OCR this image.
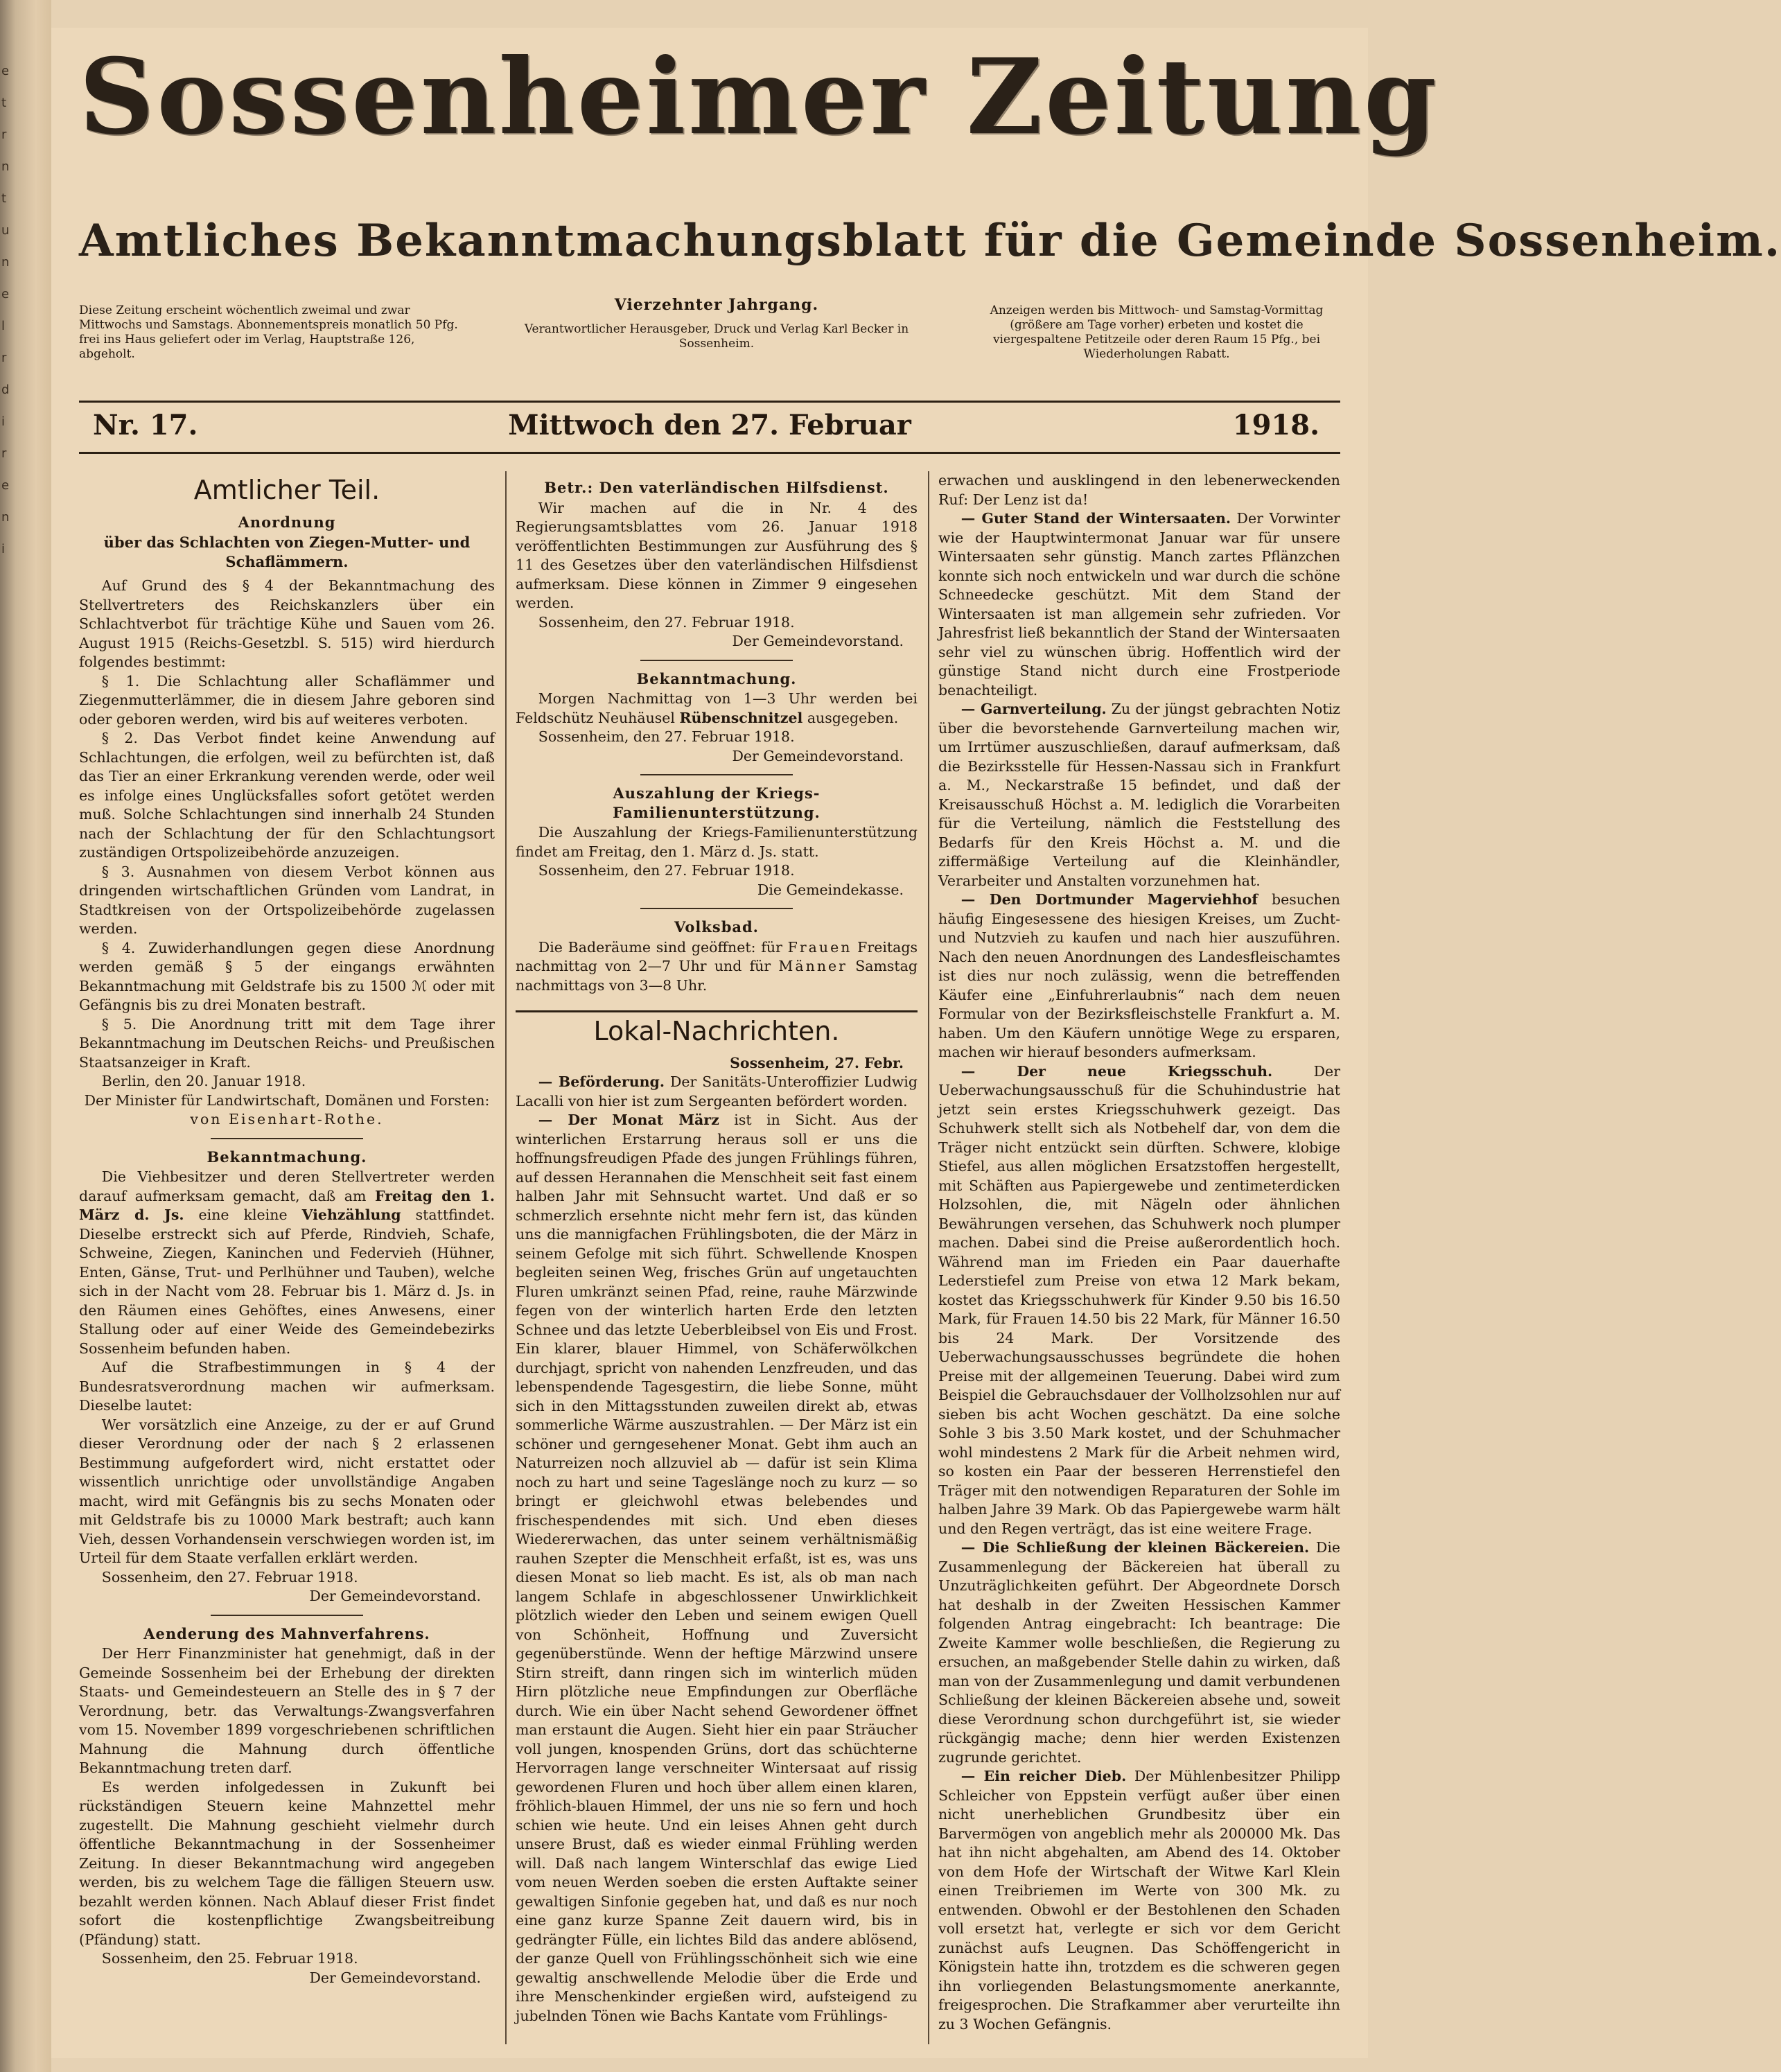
e
t
r
n
t
u
n
e
l
r
d
i
r
e
n
i
Sossenheimer Zeitung
Amtliches Bekanntmachungsblatt für die Gemeinde Sossenheim.
Diese Zeitung erscheint wöchentlich zweimal und zwar Mittwochs und Samstags. Abonnementspreis monatlich 50 Pfg. frei ins Haus geliefert oder im Verlag, Hauptstraße 126, abgeholt.
Vierzehnter Jahrgang.
Verantwortlicher Herausgeber, Druck und Verlag Karl Becker in Sossenheim.
Anzeigen werden bis Mittwoch- und Samstag-Vormittag (größere am Tage vorher) erbeten und kostet die viergespaltene Petitzeile oder deren Raum 15 Pfg., bei Wiederholungen Rabatt.
Nr. 17.	Mittwoch den 27. Februar	1918.
Amtlicher Teil.
Anordnung
über das Schlachten von Ziegen-Mutter- und Schaflämmern.

Auf Grund des § 4 der Bekanntmachung des Stellvertreters des Reichskanzlers über ein Schlachtverbot für trächtige Kühe und Sauen vom 26. August 1915 (Reichs-Gesetzbl. S. 515) wird hierdurch folgendes bestimmt:

§ 1. Die Schlachtung aller Schaflämmer und Ziegenmutterlämmer, die in diesem Jahre geboren sind oder geboren werden, wird bis auf weiteres verboten.

§ 2. Das Verbot findet keine Anwendung auf Schlachtungen, die erfolgen, weil zu befürchten ist, daß das Tier an einer Erkrankung verenden werde, oder weil es infolge eines Unglücksfalles sofort getötet werden muß. Solche Schlachtungen sind innerhalb 24 Stunden nach der Schlachtung der für den Schlachtungsort zuständigen Ortspolizeibehörde anzuzeigen.

§ 3. Ausnahmen von diesem Verbot können aus dringenden wirtschaftlichen Gründen vom Landrat, in Stadtkreisen von der Ortspolizeibehörde zugelassen werden.

§ 4. Zuwiderhandlungen gegen diese Anordnung werden gemäß § 5 der eingangs erwähnten Bekanntmachung mit Geldstrafe bis zu 1500 ℳ oder mit Gefängnis bis zu drei Monaten bestraft.

§ 5. Die Anordnung tritt mit dem Tage ihrer Bekanntmachung im Deutschen Reichs- und Preußischen Staatsanzeiger in Kraft.

Berlin, den 20. Januar 1918.

Der Minister für Landwirtschaft, Domänen und Forsten:

von Eisenhart-Rothe.

Bekanntmachung.

Die Viehbesitzer und deren Stellvertreter werden darauf aufmerksam gemacht, daß am Freitag den 1. März d. Js. eine kleine Viehzählung stattfindet. Dieselbe erstreckt sich auf Pferde, Rindvieh, Schafe, Schweine, Ziegen, Kaninchen und Federvieh (Hühner, Enten, Gänse, Trut- und Perlhühner und Tauben), welche sich in der Nacht vom 28. Februar bis 1. März d. Js. in den Räumen eines Gehöftes, eines Anwesens, einer Stallung oder auf einer Weide des Gemeindebezirks Sossenheim befunden haben.

Auf die Strafbestimmungen in § 4 der Bundesratsverordnung machen wir aufmerksam. Dieselbe lautet:

Wer vorsätzlich eine Anzeige, zu der er auf Grund dieser Verordnung oder der nach § 2 erlassenen Bestimmung aufgefordert wird, nicht erstattet oder wissentlich unrichtige oder unvollständige Angaben macht, wird mit Gefängnis bis zu sechs Monaten oder mit Geldstrafe bis zu 10000 Mark bestraft; auch kann Vieh, dessen Vorhandensein verschwiegen worden ist, im Urteil für dem Staate verfallen erklärt werden.

Sossenheim, den 27. Februar 1918.

Der Gemeindevorstand.

Aenderung des Mahnverfahrens.

Der Herr Finanzminister hat genehmigt, daß in der Gemeinde Sossenheim bei der Erhebung der direkten Staats- und Gemeindesteuern an Stelle des in § 7 der Verordnung, betr. das Verwaltungs-Zwangsverfahren vom 15. November 1899 vorgeschriebenen schriftlichen Mahnung die Mahnung durch öffentliche Bekanntmachung treten darf.

Es werden infolgedessen in Zukunft bei rückständigen Steuern keine Mahnzettel mehr zugestellt. Die Mahnung geschieht vielmehr durch öffentliche Bekanntmachung in der Sossenheimer Zeitung. In dieser Bekanntmachung wird angegeben werden, bis zu welchem Tage die fälligen Steuern usw. bezahlt werden können. Nach Ablauf dieser Frist findet sofort die kostenpflichtige Zwangsbeitreibung (Pfändung) statt.

Sossenheim, den 25. Februar 1918.

Der Gemeindevorstand.

Betr.: Den vaterländischen Hilfsdienst.

Wir machen auf die in Nr. 4 des Regierungsamtsblattes vom 26. Januar 1918 veröffentlichten Bestimmungen zur Ausführung des § 11 des Gesetzes über den vaterländischen Hilfsdienst aufmerksam. Diese können in Zimmer 9 eingesehen werden.

Sossenheim, den 27. Februar 1918.

Der Gemeindevorstand.

Bekanntmachung.

Morgen Nachmittag von 1—3 Uhr werden bei Feldschütz Neuhäusel Rübenschnitzel ausgegeben.

Sossenheim, den 27. Februar 1918.

Der Gemeindevorstand.

Auszahlung der Kriegs-Familienunterstützung.

Die Auszahlung der Kriegs-Familienunterstützung findet am Freitag, den 1. März d. Js. statt.

Sossenheim, den 27. Februar 1918.

Die Gemeindekasse.

Volksbad.

Die Baderäume sind geöffnet: für Frauen Freitags nachmittag von 2—7 Uhr und für Männer Samstag nachmittags von 3—8 Uhr.

Lokal-Nachrichten.

Sossenheim, 27. Febr.

— Beförderung. Der Sanitäts-Unteroffizier Ludwig Lacalli von hier ist zum Sergeanten befördert worden.

— Der Monat März ist in Sicht. Aus der winterlichen Erstarrung heraus soll er uns die hoffnungsfreudigen Pfade des jungen Frühlings führen, auf dessen Herannahen die Menschheit seit fast einem halben Jahr mit Sehnsucht wartet. Und daß er so schmerzlich ersehnte nicht mehr fern ist, das künden uns die mannigfachen Frühlingsboten, die der März in seinem Gefolge mit sich führt. Schwellende Knospen begleiten seinen Weg, frisches Grün auf ungetauchten Fluren umkränzt seinen Pfad, reine, rauhe Märzwinde fegen von der winterlich harten Erde den letzten Schnee und das letzte Ueberbleibsel von Eis und Frost. Ein klarer, blauer Himmel, von Schäferwölkchen durchjagt, spricht von nahenden Lenzfreuden, und das lebenspendende Tagesgestirn, die liebe Sonne, müht sich in den Mittagsstunden zuweilen direkt ab, etwas sommerliche Wärme auszustrahlen. — Der März ist ein schöner und gerngesehener Monat. Gebt ihm auch an Naturreizen noch allzuviel ab — dafür ist sein Klima noch zu hart und seine Tageslänge noch zu kurz — so bringt er gleichwohl etwas belebendes und frischespendendes mit sich. Und eben dieses Wiedererwachen, das unter seinem verhältnismäßig rauhen Szepter die Menschheit erfaßt, ist es, was uns diesen Monat so lieb macht. Es ist, als ob man nach langem Schlafe in abgeschlossener Unwirklichkeit plötzlich wieder den Leben und seinem ewigen Quell von Schönheit, Hoffnung und Zuversicht gegenüberstünde. Wenn der heftige Märzwind unsere Stirn streift, dann ringen sich im winterlich müden Hirn plötzliche neue Empfindungen zur Oberfläche durch. Wie ein über Nacht sehend Gewordener öffnet man erstaunt die Augen. Sieht hier ein paar Sträucher voll jungen, knospenden Grüns, dort das schüchterne Hervorragen lange verschneiter Wintersaat auf rissig gewordenen Fluren und hoch über allem einen klaren, fröhlich-blauen Himmel, der uns nie so fern und hoch schien wie heute. Und ein leises Ahnen geht durch unsere Brust, daß es wieder einmal Frühling werden will. Daß nach langem Winterschlaf das ewige Lied vom neuen Werden soeben die ersten Auftakte seiner gewaltigen Sinfonie gegeben hat, und daß es nur noch eine ganz kurze Spanne Zeit dauern wird, bis in gedrängter Fülle, ein lichtes Bild das andere ablösend, der ganze Quell von Frühlingsschönheit sich wie eine gewaltig anschwellende Melodie über die Erde und ihre Menschenkinder ergießen wird, aufsteigend zu jubelnden Tönen wie Bachs Kantate vom Frühlings-

erwachen und ausklingend in den lebenerweckenden Ruf: Der Lenz ist da!

— Guter Stand der Wintersaaten. Der Vorwinter wie der Hauptwintermonat Januar war für unsere Wintersaaten sehr günstig. Manch zartes Pflänzchen konnte sich noch entwickeln und war durch die schöne Schneedecke geschützt. Mit dem Stand der Wintersaaten ist man allgemein sehr zufrieden. Vor Jahresfrist ließ bekanntlich der Stand der Wintersaaten sehr viel zu wünschen übrig. Hoffentlich wird der günstige Stand nicht durch eine Frostperiode benachteiligt.

— Garnverteilung. Zu der jüngst gebrachten Notiz über die bevorstehende Garnverteilung machen wir, um Irrtümer auszuschließen, darauf aufmerksam, daß die Bezirksstelle für Hessen-Nassau sich in Frankfurt a. M., Neckarstraße 15 befindet, und daß der Kreisausschuß Höchst a. M. lediglich die Vorarbeiten für die Verteilung, nämlich die Feststellung des Bedarfs für den Kreis Höchst a. M. und die ziffermäßige Verteilung auf die Kleinhändler, Verarbeiter und Anstalten vorzunehmen hat.

— Den Dortmunder Magerviehhof besuchen häufig Eingesessene des hiesigen Kreises, um Zucht- und Nutzvieh zu kaufen und nach hier auszuführen. Nach den neuen Anordnungen des Landesfleischamtes ist dies nur noch zulässig, wenn die betreffenden Käufer eine „Einfuhrerlaubnis“ nach dem neuen Formular von der Bezirksfleischstelle Frankfurt a. M. haben. Um den Käufern unnötige Wege zu ersparen, machen wir hierauf besonders aufmerksam.

— Der neue Kriegsschuh. Der Ueberwachungsausschuß für die Schuhindustrie hat jetzt sein erstes Kriegsschuhwerk gezeigt. Das Schuhwerk stellt sich als Notbehelf dar, von dem die Träger nicht entzückt sein dürften. Schwere, klobige Stiefel, aus allen möglichen Ersatzstoffen hergestellt, mit Schäften aus Papiergewebe und zentimeterdicken Holzsohlen, die, mit Nägeln oder ähnlichen Bewährungen versehen, das Schuhwerk noch plumper machen. Dabei sind die Preise außerordentlich hoch. Während man im Frieden ein Paar dauerhafte Lederstiefel zum Preise von etwa 12 Mark bekam, kostet das Kriegsschuhwerk für Kinder 9.50 bis 16.50 Mark, für Frauen 14.50 bis 22 Mark, für Männer 16.50 bis 24 Mark. Der Vorsitzende des Ueberwachungsausschusses begründete die hohen Preise mit der allgemeinen Teuerung. Dabei wird zum Beispiel die Gebrauchsdauer der Vollholzsohlen nur auf sieben bis acht Wochen geschätzt. Da eine solche Sohle 3 bis 3.50 Mark kostet, und der Schuhmacher wohl mindestens 2 Mark für die Arbeit nehmen wird, so kosten ein Paar der besseren Herrenstiefel den Träger mit den notwendigen Reparaturen der Sohle im halben Jahre 39 Mark. Ob das Papiergewebe warm hält und den Regen verträgt, das ist eine weitere Frage.

— Die Schließung der kleinen Bäckereien. Die Zusammenlegung der Bäckereien hat überall zu Unzuträglichkeiten geführt. Der Abgeordnete Dorsch hat deshalb in der Zweiten Hessischen Kammer folgenden Antrag eingebracht: Ich beantrage: Die Zweite Kammer wolle beschließen, die Regierung zu ersuchen, an maßgebender Stelle dahin zu wirken, daß man von der Zusammenlegung und damit verbundenen Schließung der kleinen Bäckereien absehe und, soweit diese Verordnung schon durchgeführt ist, sie wieder rückgängig mache; denn hier werden Existenzen zugrunde gerichtet.

— Ein reicher Dieb. Der Mühlenbesitzer Philipp Schleicher von Eppstein verfügt außer über einen nicht unerheblichen Grundbesitz über ein Barvermögen von angeblich mehr als 200000 Mk. Das hat ihn nicht abgehalten, am Abend des 14. Oktober von dem Hofe der Wirtschaft der Witwe Karl Klein einen Treibriemen im Werte von 300 Mk. zu entwenden. Obwohl er der Bestohlenen den Schaden voll ersetzt hat, verlegte er sich vor dem Gericht zunächst aufs Leugnen. Das Schöffengericht in Königstein hatte ihn, trotzdem es die schweren gegen ihn vorliegenden Belastungsmomente anerkannte, freigesprochen. Die Strafkammer aber verurteilte ihn zu 3 Wochen Gefängnis.
